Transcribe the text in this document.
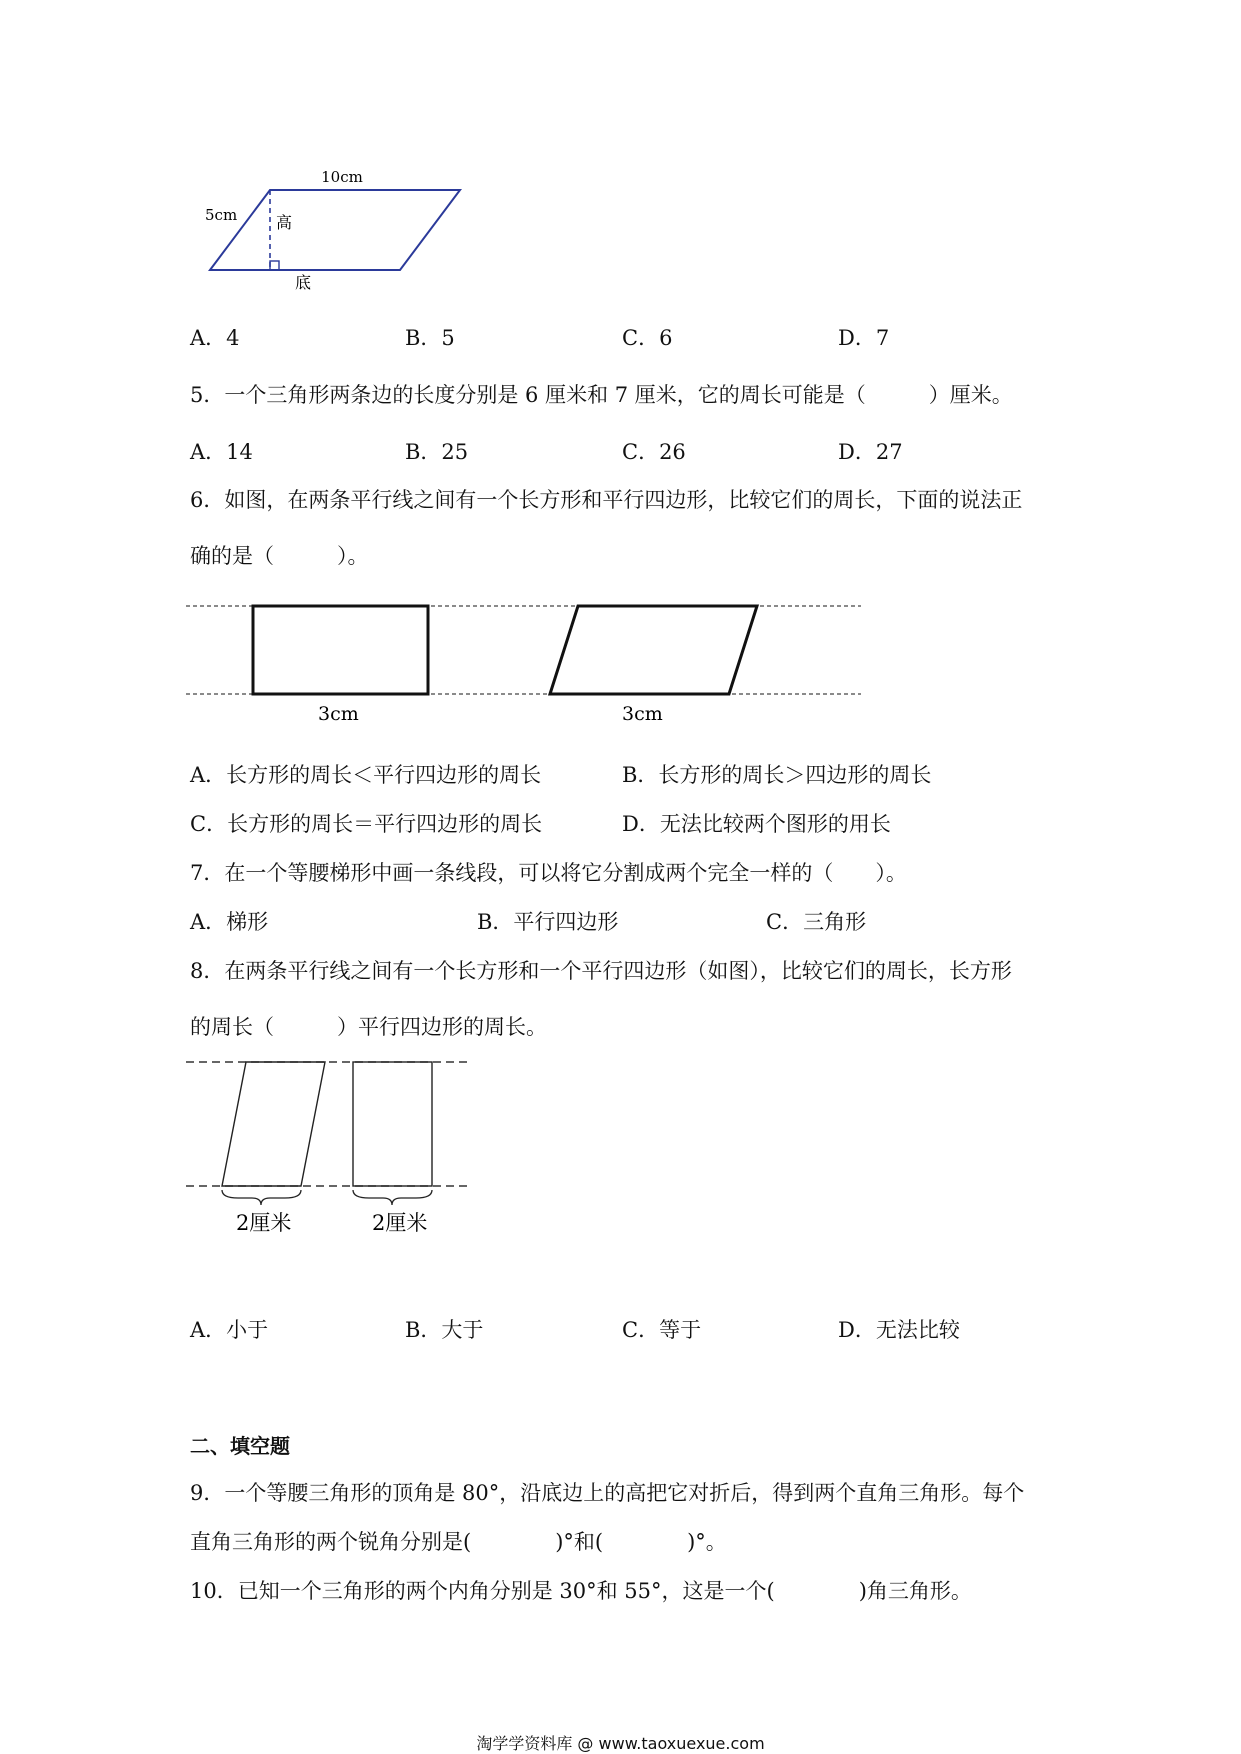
10cm
5cm 高
底
A．4	B．5	C．6	D．7
5．一个三角形两条边的长度分别是 6 厘米和 7 厘米，它的周长可能是（　　　）厘米。
A．14	B．25	C．26	D．27
6．如图，在两条平行线之间有一个长方形和平行四边形，比较它们的周长，下面的说法正
确的是（　　　）。
3cm	3cm
A．长方形的周长＜平行四边形的周长	B．长方形的周长＞四边形的周长
C．长方形的周长＝平行四边形的周长	D．无法比较两个图形的用长
7．在一个等腰梯形中画一条线段，可以将它分割成两个完全一样的（　　）。
A．梯形	B．平行四边形	C．三角形
8．在两条平行线之间有一个长方形和一个平行四边形（如图），比较它们的周长，长方形
的周长（　　　）平行四边形的周长。
2厘米	2厘米
A．小于	B．大于	C．等于	D．无法比较
二、填空题
9．一个等腰三角形的顶角是 80°，沿底边上的高把它对折后，得到两个直角三角形。每个
直角三角形的两个锐角分别是(　　　　)°和(　　　　)°。
10．已知一个三角形的两个内角分别是 30°和 55°，这是一个(　　　　)角三角形。
淘学学资料库 @ www.taoxuexue.com
